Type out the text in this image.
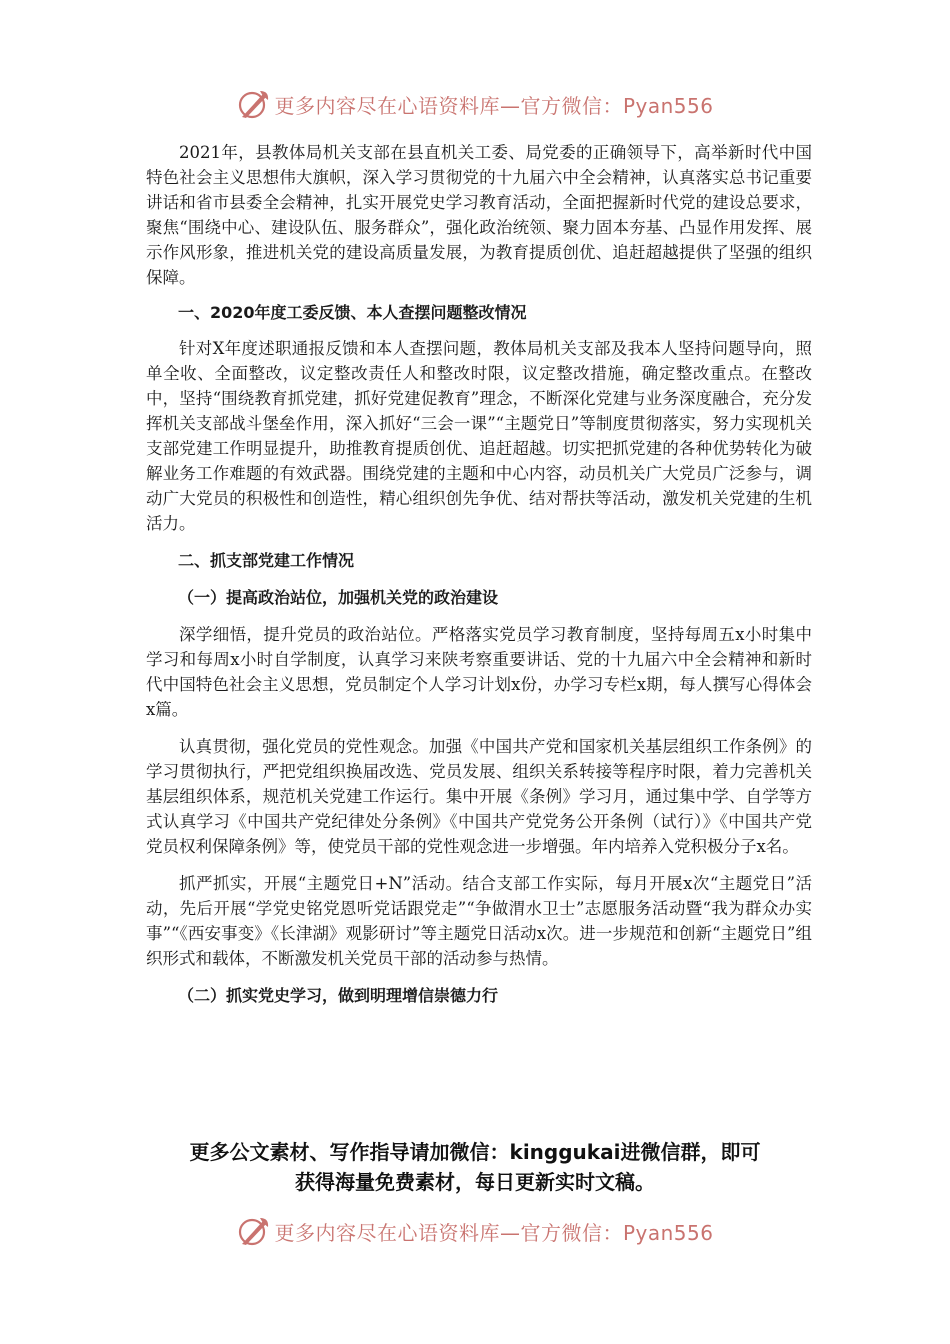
更多内容尽在心语资料库—官方微信：Pyan556

2021年，县教体局机关支部在县直机关工委、局党委的正确领导下，高举新时代中国特色社会主义思想伟大旗帜，深入学习贯彻党的十九届六中全会精神，认真落实总书记重要讲话和省市县委全会精神，扎实开展党史学习教育活动，全面把握新时代党的建设总要求，聚焦“围绕中心、建设队伍、服务群众”，强化政治统领、聚力固本夯基、凸显作用发挥、展示作风形象，推进机关党的建设高质量发展，为教育提质创优、追赶超越提供了坚强的组织保障。

一、2020年度工委反馈、本人查摆问题整改情况

针对X年度述职通报反馈和本人查摆问题，教体局机关支部及我本人坚持问题导向，照单全收、全面整改，议定整改责任人和整改时限，议定整改措施，确定整改重点。在整改中，坚持“围绕教育抓党建，抓好党建促教育”理念，不断深化党建与业务深度融合，充分发挥机关支部战斗堡垒作用，深入抓好“三会一课”“主题党日”等制度贯彻落实，努力实现机关支部党建工作明显提升，助推教育提质创优、追赶超越。切实把抓党建的各种优势转化为破解业务工作难题的有效武器。围绕党建的主题和中心内容，动员机关广大党员广泛参与，调动广大党员的积极性和创造性，精心组织创先争优、结对帮扶等活动，激发机关党建的生机活力。

二、抓支部党建工作情况

（一）提高政治站位，加强机关党的政治建设

深学细悟，提升党员的政治站位。严格落实党员学习教育制度，坚持每周五x小时集中学习和每周x小时自学制度，认真学习来陕考察重要讲话、党的十九届六中全会精神和新时代中国特色社会主义思想，党员制定个人学习计划x份，办学习专栏x期，每人撰写心得体会x篇。

认真贯彻，强化党员的党性观念。加强《中国共产党和国家机关基层组织工作条例》的学习贯彻执行，严把党组织换届改选、党员发展、组织关系转接等程序时限，着力完善机关基层组织体系，规范机关党建工作运行。集中开展《条例》学习月，通过集中学、自学等方式认真学习《中国共产党纪律处分条例》《中国共产党党务公开条例（试行）》《中国共产党党员权利保障条例》等，使党员干部的党性观念进一步增强。年内培养入党积极分子x名。

抓严抓实，开展“主题党日+N”活动。结合支部工作实际，每月开展x次“主题党日”活动，先后开展“学党史铭党恩听党话跟党走”“争做渭水卫士”志愿服务活动暨“我为群众办实事”“《西安事变》《长津湖》观影研讨”等主题党日活动x次。进一步规范和创新“主题党日”组织形式和载体，不断激发机关党员干部的活动参与热情。

（二）抓实党史学习，做到明理增信崇德力行

更多公文素材、写作指导请加微信：kinggukai进微信群，即可
获得海量免费素材，每日更新实时文稿。
更多内容尽在心语资料库—官方微信：Pyan556
